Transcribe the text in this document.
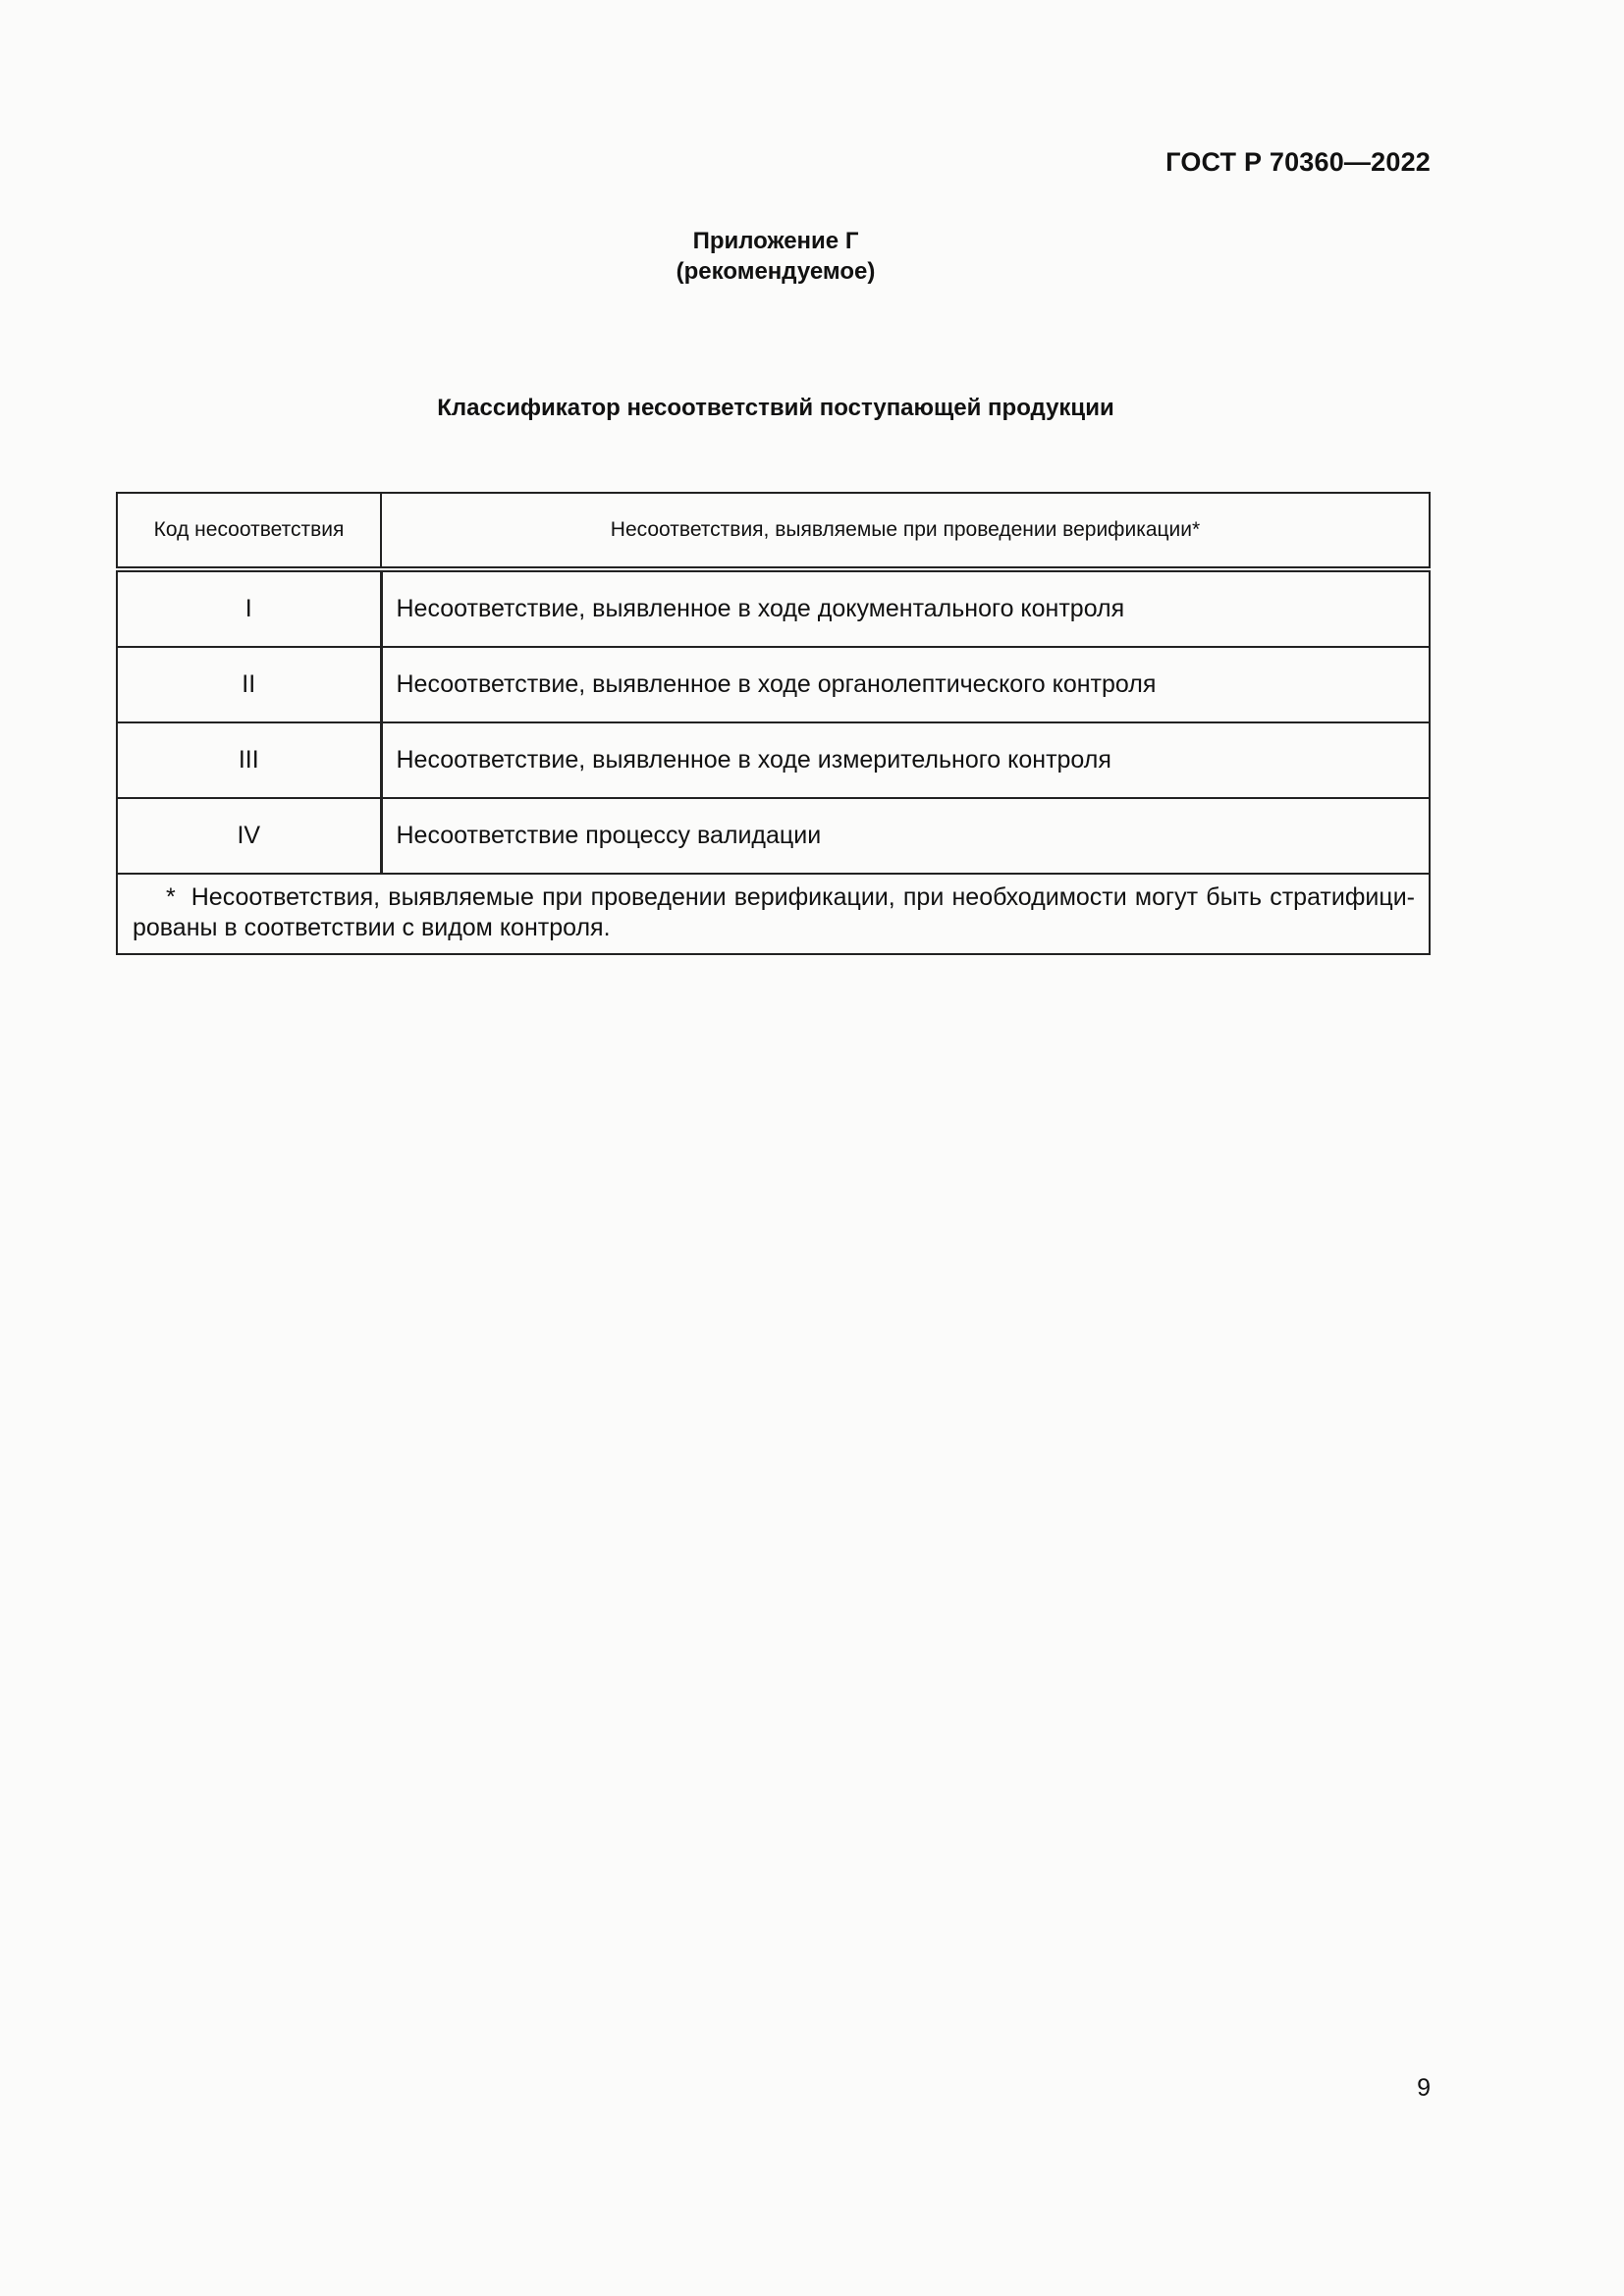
ГОСТ Р 70360—2022
Приложение Г
(рекомендуемое)
Классификатор несоответствий поступающей продукции
Код несоответствия	Несоответствия, выявляемые при проведении верификации*

I	Несоответствие, выявленное в ходе документального контроля
II	Несоответствие, выявленное в ходе органолептического контроля
III	Несоответствие, выявленное в ходе измерительного контроля
IV	Несоответствие процессу валидации
* Несоответствия, выявляемые при проведении верификации, при необходимости могут быть стратифици-рованы в соответствии с видом контроля.	
9
